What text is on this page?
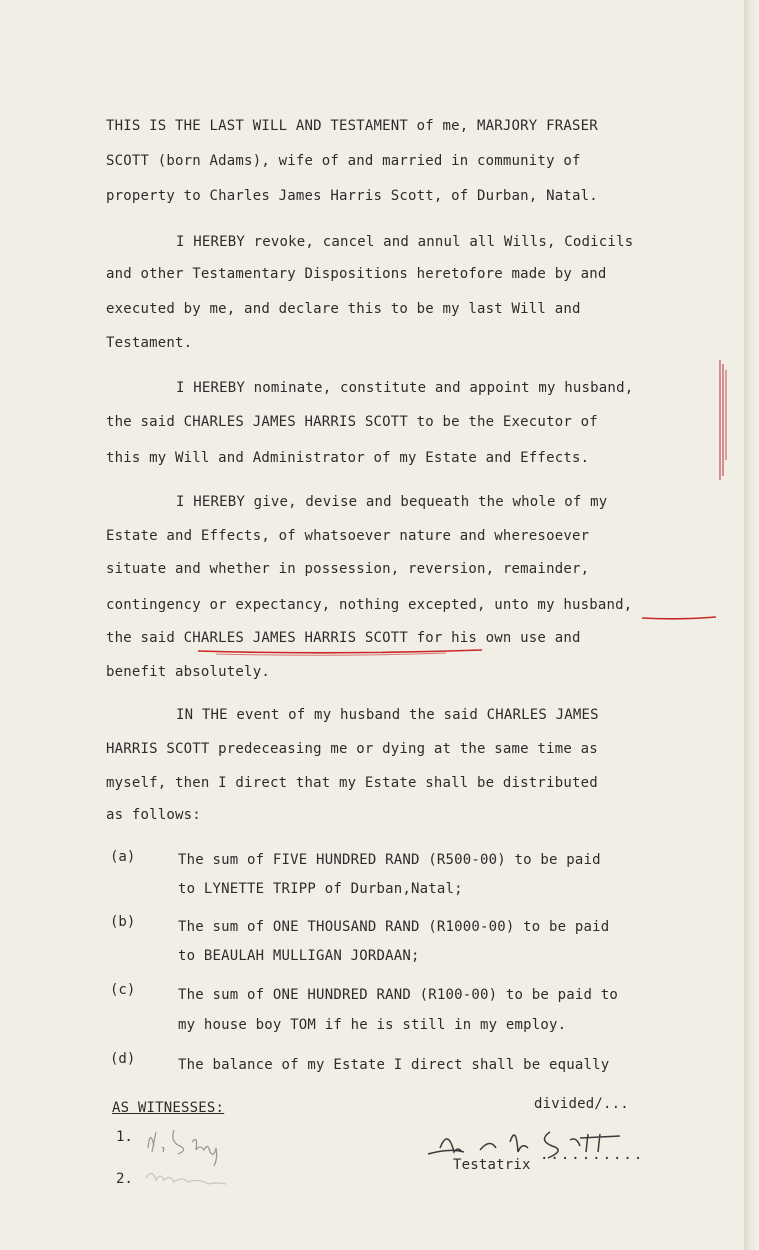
THIS IS THE LAST WILL AND TESTAMENT of me, MARJORY FRASER
SCOTT (born Adams), wife of and married in community of
property to Charles James Harris Scott, of Durban, Natal.
I HEREBY revoke, cancel and annul all Wills, Codicils
and other Testamentary Dispositions heretofore made by and
executed by me, and declare this to be my last Will and
Testament.
I HEREBY nominate, constitute and appoint my husband,
the said CHARLES JAMES HARRIS SCOTT to be the Executor of
this my Will and Administrator of my Estate and Effects.
I HEREBY give, devise and bequeath the whole of my
Estate and Effects, of whatsoever nature and wheresoever
situate and whether in possession, reversion, remainder,
contingency or expectancy, nothing excepted, unto my husband,
the said CHARLES JAMES HARRIS SCOTT for his own use and
benefit absolutely.
IN THE event of my husband the said CHARLES JAMES
HARRIS SCOTT predeceasing me or dying at the same time as
myself, then I direct that my Estate shall be distributed
as follows:
(a)	The sum of FIVE HUNDRED RAND (R500-00) to be paid
to LYNETTE TRIPP of Durban,Natal;
(b)	The sum of ONE THOUSAND RAND (R1000-00) to be paid
to BEAULAH MULLIGAN JORDAAN;
(c)	The sum of ONE HUNDRED RAND (R100-00) to be paid to
my house boy TOM if he is still in my employ.
(d)	The balance of my Estate I direct shall be equally
divided/...
AS WITNESSES:
1.
2.
..........
Testatrix
